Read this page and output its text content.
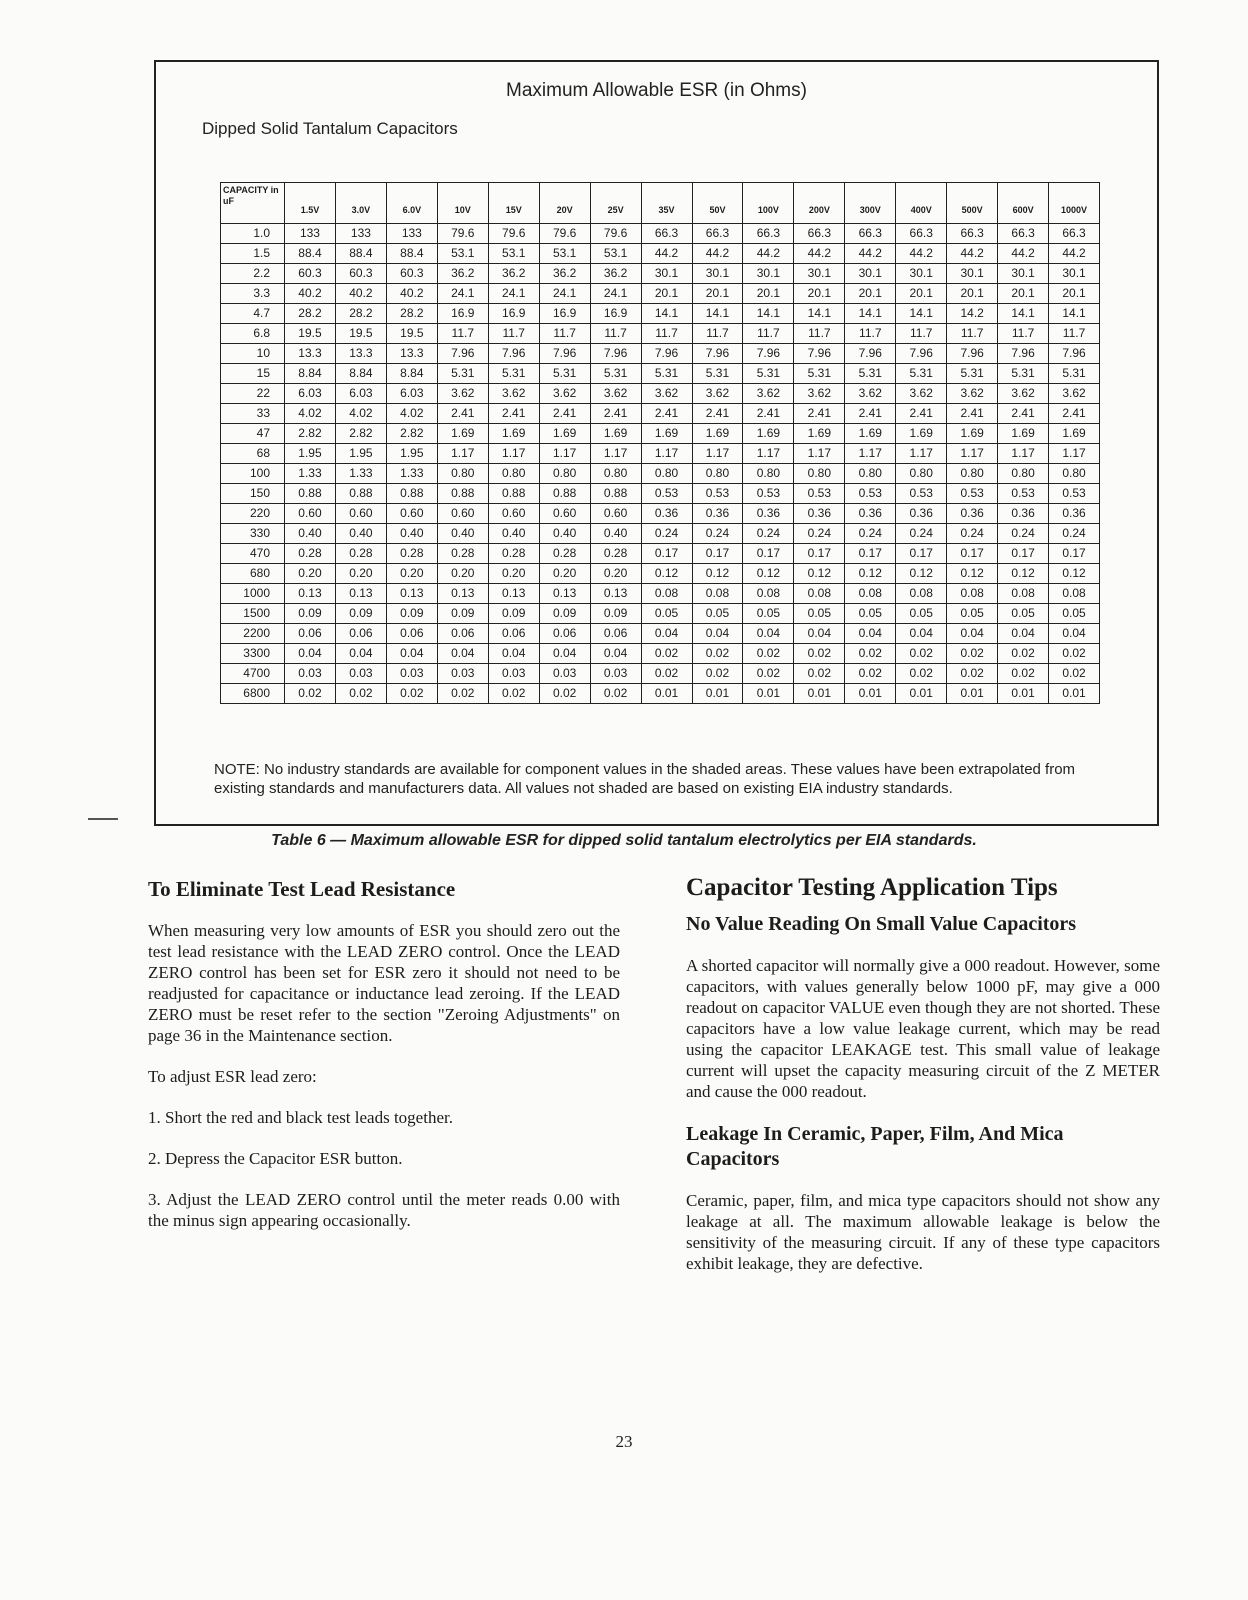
Maximum Allowable ESR (in Ohms)
Dipped Solid Tantalum Capacitors
CAPACITY in uF	1.5V	3.0V	6.0V	10V	15V	20V	25V	35V	50V	100V	200V	300V	400V	500V	600V	1000V
1.0	133	133	133	79.6	79.6	79.6	79.6	66.3	66.3	66.3	66.3	66.3	66.3	66.3	66.3	66.3
1.5	88.4	88.4	88.4	53.1	53.1	53.1	53.1	44.2	44.2	44.2	44.2	44.2	44.2	44.2	44.2	44.2
2.2	60.3	60.3	60.3	36.2	36.2	36.2	36.2	30.1	30.1	30.1	30.1	30.1	30.1	30.1	30.1	30.1
3.3	40.2	40.2	40.2	24.1	24.1	24.1	24.1	20.1	20.1	20.1	20.1	20.1	20.1	20.1	20.1	20.1
4.7	28.2	28.2	28.2	16.9	16.9	16.9	16.9	14.1	14.1	14.1	14.1	14.1	14.1	14.2	14.1	14.1
6.8	19.5	19.5	19.5	11.7	11.7	11.7	11.7	11.7	11.7	11.7	11.7	11.7	11.7	11.7	11.7	11.7
10	13.3	13.3	13.3	7.96	7.96	7.96	7.96	7.96	7.96	7.96	7.96	7.96	7.96	7.96	7.96	7.96
15	8.84	8.84	8.84	5.31	5.31	5.31	5.31	5.31	5.31	5.31	5.31	5.31	5.31	5.31	5.31	5.31
22	6.03	6.03	6.03	3.62	3.62	3.62	3.62	3.62	3.62	3.62	3.62	3.62	3.62	3.62	3.62	3.62
33	4.02	4.02	4.02	2.41	2.41	2.41	2.41	2.41	2.41	2.41	2.41	2.41	2.41	2.41	2.41	2.41
47	2.82	2.82	2.82	1.69	1.69	1.69	1.69	1.69	1.69	1.69	1.69	1.69	1.69	1.69	1.69	1.69
68	1.95	1.95	1.95	1.17	1.17	1.17	1.17	1.17	1.17	1.17	1.17	1.17	1.17	1.17	1.17	1.17
100	1.33	1.33	1.33	0.80	0.80	0.80	0.80	0.80	0.80	0.80	0.80	0.80	0.80	0.80	0.80	0.80
150	0.88	0.88	0.88	0.88	0.88	0.88	0.88	0.53	0.53	0.53	0.53	0.53	0.53	0.53	0.53	0.53
220	0.60	0.60	0.60	0.60	0.60	0.60	0.60	0.36	0.36	0.36	0.36	0.36	0.36	0.36	0.36	0.36
330	0.40	0.40	0.40	0.40	0.40	0.40	0.40	0.24	0.24	0.24	0.24	0.24	0.24	0.24	0.24	0.24
470	0.28	0.28	0.28	0.28	0.28	0.28	0.28	0.17	0.17	0.17	0.17	0.17	0.17	0.17	0.17	0.17
680	0.20	0.20	0.20	0.20	0.20	0.20	0.20	0.12	0.12	0.12	0.12	0.12	0.12	0.12	0.12	0.12
1000	0.13	0.13	0.13	0.13	0.13	0.13	0.13	0.08	0.08	0.08	0.08	0.08	0.08	0.08	0.08	0.08
1500	0.09	0.09	0.09	0.09	0.09	0.09	0.09	0.05	0.05	0.05	0.05	0.05	0.05	0.05	0.05	0.05
2200	0.06	0.06	0.06	0.06	0.06	0.06	0.06	0.04	0.04	0.04	0.04	0.04	0.04	0.04	0.04	0.04
3300	0.04	0.04	0.04	0.04	0.04	0.04	0.04	0.02	0.02	0.02	0.02	0.02	0.02	0.02	0.02	0.02
4700	0.03	0.03	0.03	0.03	0.03	0.03	0.03	0.02	0.02	0.02	0.02	0.02	0.02	0.02	0.02	0.02
6800	0.02	0.02	0.02	0.02	0.02	0.02	0.02	0.01	0.01	0.01	0.01	0.01	0.01	0.01	0.01	0.01
NOTE: No industry standards are available for component values in the shaded areas. These values have been extrapolated from existing standards and manufacturers data. All values not shaded are based on existing EIA industry standards.
Table 6 — Maximum allowable ESR for dipped solid tantalum electrolytics per EIA standards.
To Eliminate Test Lead Resistance

When measuring very low amounts of ESR you should zero out the test lead resistance with the LEAD ZERO control. Once the LEAD ZERO control has been set for ESR zero it should not need to be readjusted for capacitance or inductance lead zeroing. If the LEAD ZERO must be reset refer to the section "Zeroing Adjustments" on page 36 in the Maintenance section.

To adjust ESR lead zero:

1. Short the red and black test leads together.

2. Depress the Capacitor ESR button.

3. Adjust the LEAD ZERO control until the meter reads 0.00 with the minus sign appearing occasionally.

Capacitor Testing Application Tips
No Value Reading On Small Value Capacitors

A shorted capacitor will normally give a 000 readout. However, some capacitors, with values generally below 1000 pF, may give a 000 readout on capacitor VALUE even though they are not shorted. These capacitors have a low value leakage current, which may be read using the capacitor LEAKAGE test. This small value of leakage current will upset the capacity measuring circuit of the Z METER and cause the 000 readout.

Leakage In Ceramic, Paper, Film, And Mica Capacitors

Ceramic, paper, film, and mica type capacitors should not show any leakage at all. The maximum allowable leakage is below the sensitivity of the measuring circuit. If any of these type capacitors exhibit leakage, they are defective.

23
